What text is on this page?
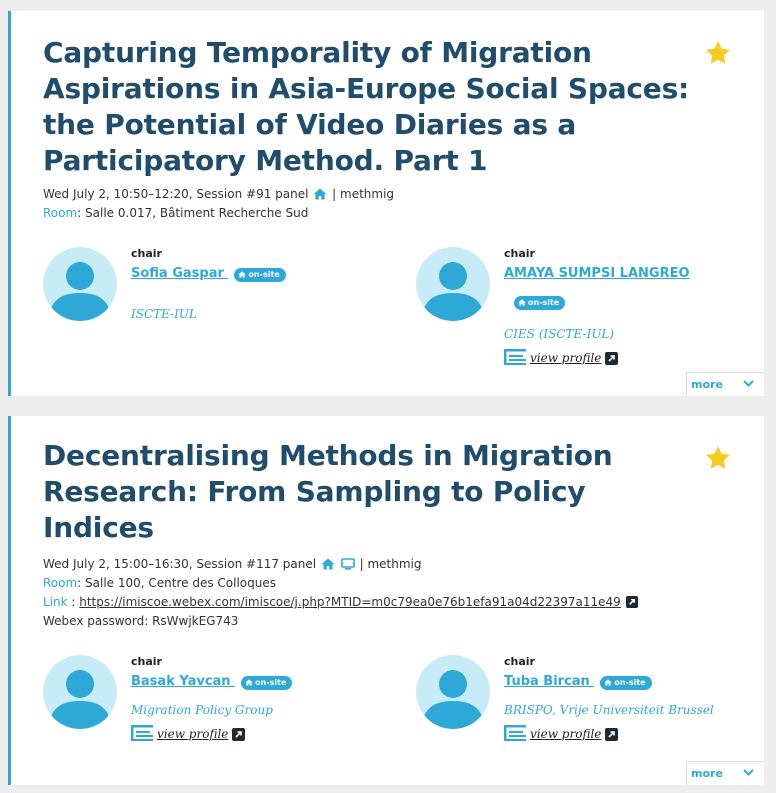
Capturing Temporality of Migration Aspirations in Asia-Europe Social Spaces: the Potential of Video Diaries as a Participatory Method. Part 1
Wed July 2, 10:50–12:20, Session #91 panel | methmig
Room: Salle 0.017, Bâtiment Recherche Sud
chair
Sofia Gaspar	on-site
ISCTE-IUL
chair
AMAYA SUMPSI LANGREO
on-site
CIES (ISCTE-IUL)
view profile
more
Decentralising Methods in Migration Research: From Sampling to Policy Indices
Wed July 2, 15:00–16:30, Session #117 panel	| methmig
Room: Salle 100, Centre des Colloques
Link : https://imiscoe.webex.com/imiscoe/j.php?MTID=m0c79ea0e76b1efa91a04d22397a11e49
Webex password: RsWwjkEG743
chair
Basak Yavcan	on-site
Migration Policy Group
view profile
chair
Tuba Bircan	on-site
BRISPO, Vrije Universiteit Brussel
view profile
more
